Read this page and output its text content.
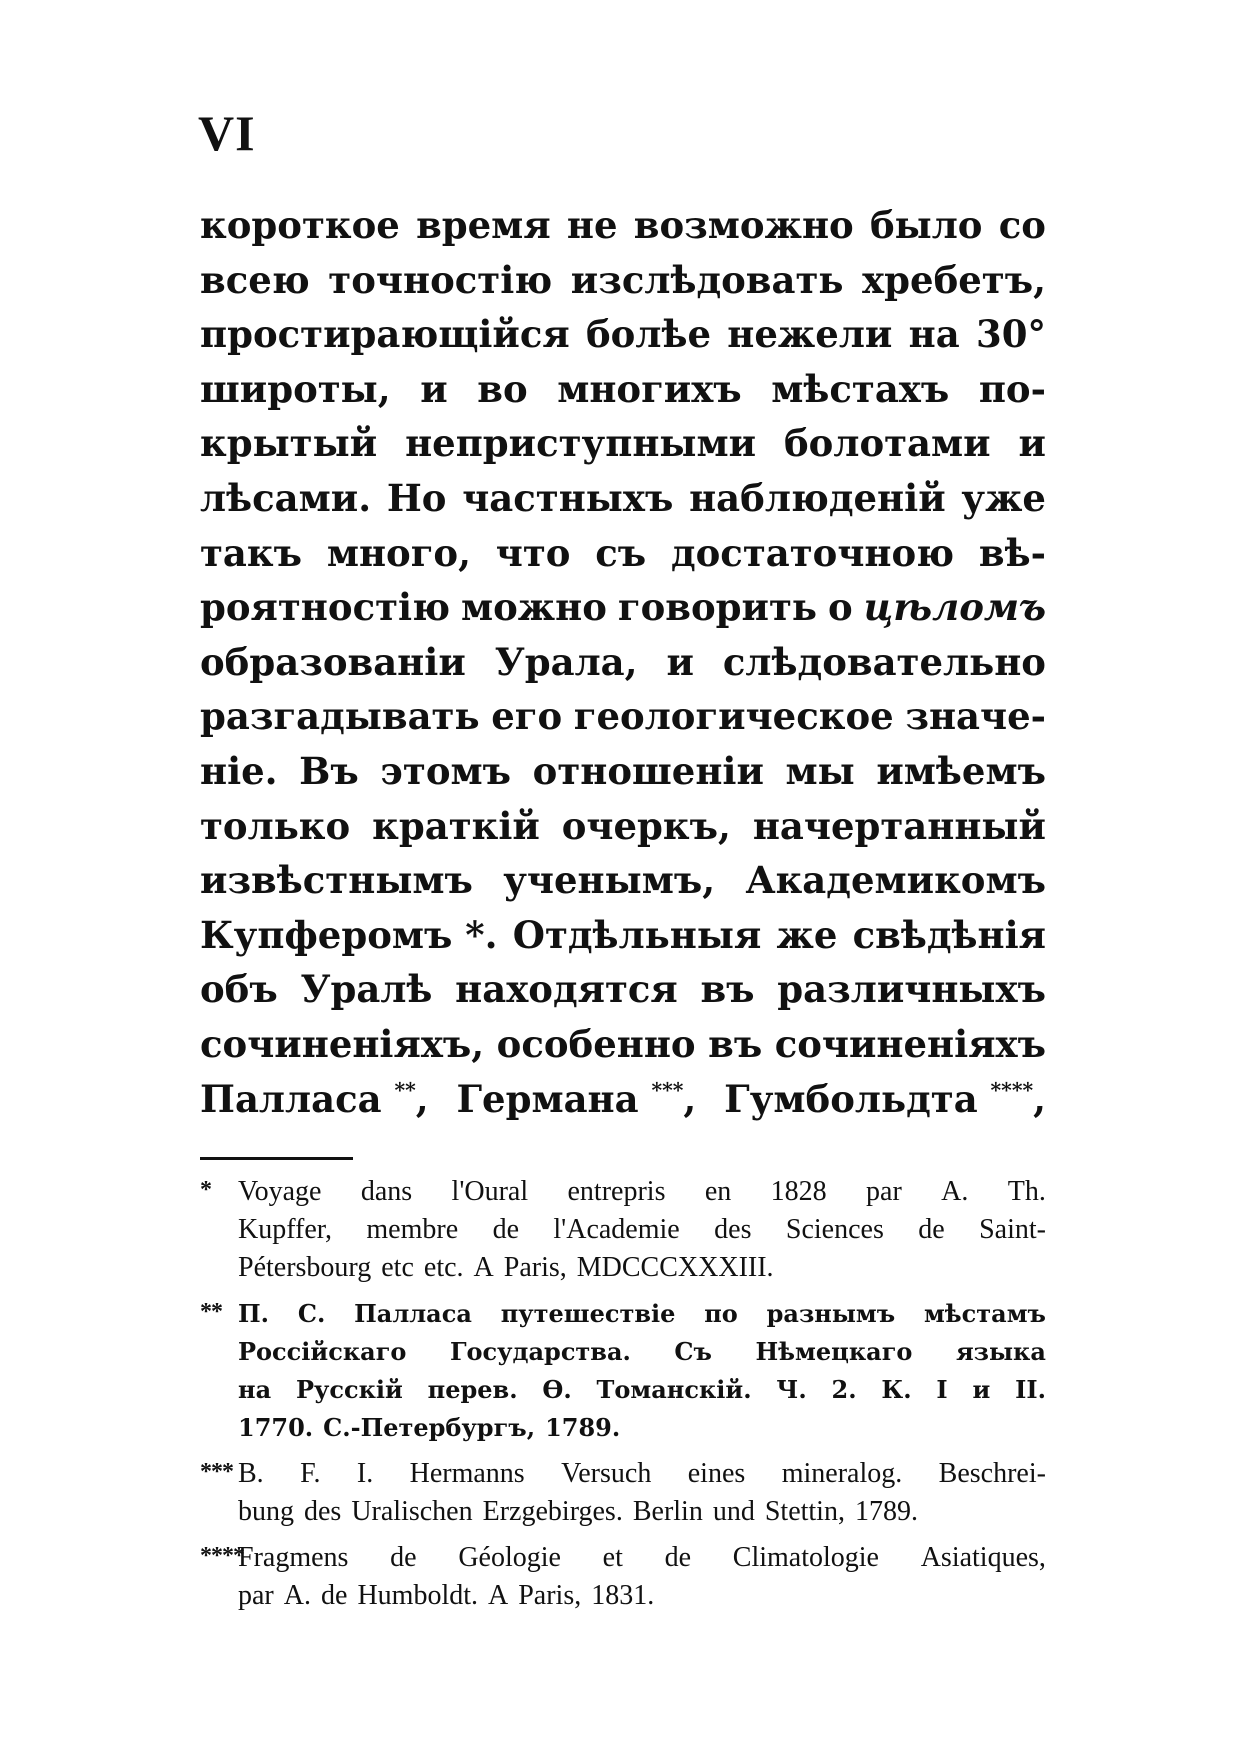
VI
короткое время не возможно было со
всею точностію изслѣдовать хребетъ,
простирающійся болѣе нежели на 30°
широты, и во многихъ мѣстахъ по-
крытый неприступными болотами и
лѣсами. Но частныхъ наблюденій уже
такъ много, что съ достаточною вѣ-
роятностію можно говорить о цѣломъ
образованіи Урала, и слѣдовательно
разгадывать его геологическое значе-
ніе. Въ этомъ отношеніи мы имѣемъ
только краткій очеркъ, начертанный
извѣстнымъ ученымъ, Академикомъ
Купферомъ *. Отдѣльныя же свѣдѣнія
объ Уралѣ находятся въ различныхъ
сочиненіяхъ, особенно въ сочиненіяхъ
Палласа **, Германа ***, Гумбольдта ****,
* Voyage dans l'Oural entrepris en 1828 par A. Th.
Kupffer, membre de l'Academie des Sciences de Saint-
Pétersbourg etc etc. A Paris, MDCCCXXXIII.
** П. С. Палласа путешествіе по разнымъ мѣстамъ
Россійскаго Государства. Съ Нѣмецкаго языка
на Русскій перев. Ѳ. Томанскій. Ч. 2. К. I и II.
1770. С.-Петербургъ, 1789.
*** B. F. I. Hermanns Versuch eines mineralog. Beschrei-
bung des Uralischen Erzgebirges. Berlin und Stettin, 1789.
****
Fragmens de Géologie et de Climatologie Asiatiques,
par A. de Humboldt. A Paris, 1831.
